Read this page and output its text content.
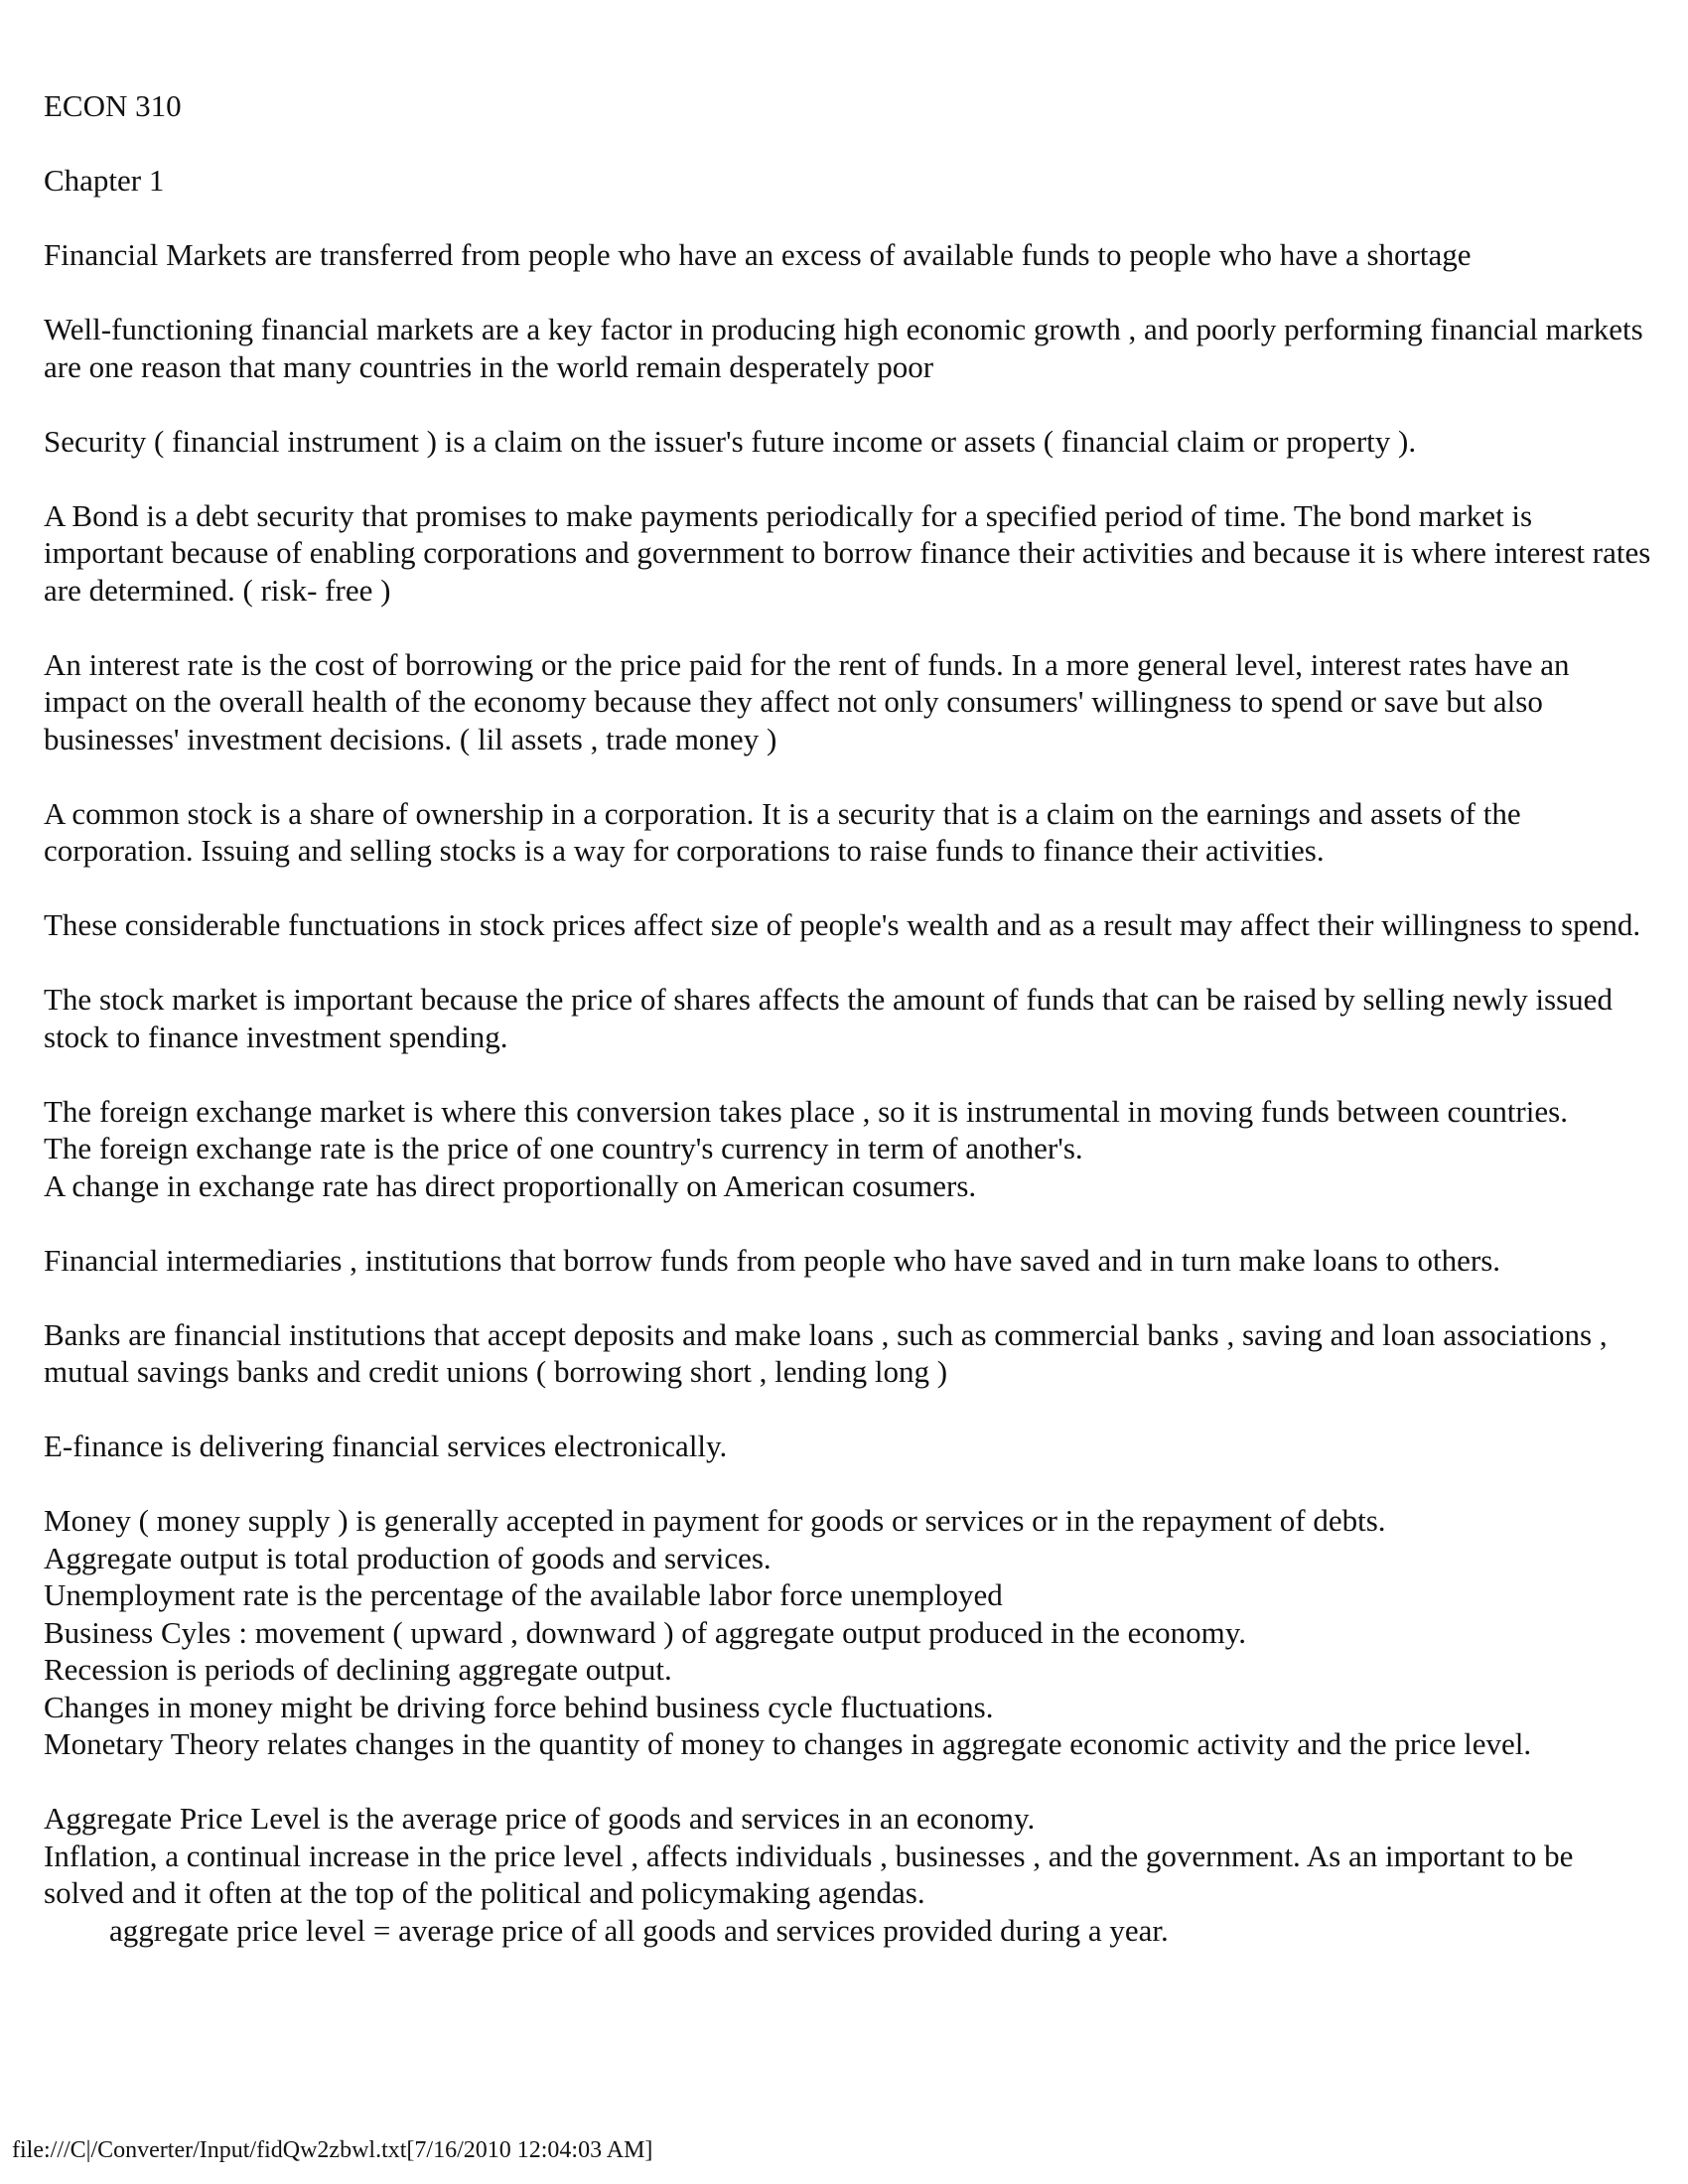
ECON 310

Chapter 1

Financial Markets are transferred from people who have an excess of available funds to people who have a shortage

Well-functioning financial markets are a key factor in producing high economic growth , and poorly performing financial markets are one reason that many countries in the world remain desperately poor

Security ( financial instrument ) is a claim on the issuer's future income or assets ( financial claim or property ).

A Bond is a debt security that promises to make payments periodically for a specified period of time. The bond market is important because of enabling corporations and government to borrow finance their activities and because it is where interest rates are determined. ( risk- free )

An interest rate is the cost of borrowing or the price paid for the rent of funds. In a more general level, interest rates have an impact on the overall health of the economy because they affect not only consumers' willingness to spend or save but also businesses' investment decisions. ( lil assets , trade money )

A common stock is a share of ownership in a corporation. It is a security that is a claim on the earnings and assets of the corporation. Issuing and selling stocks is a way for corporations to raise funds to finance their activities.

These considerable functuations in stock prices affect size of people's wealth and as a result may affect their willingness to spend.

The stock market is important because the price of shares affects the amount of funds that can be raised by selling newly issued stock to finance investment spending.

The foreign exchange market is where this conversion takes place , so it is instrumental in moving funds between countries.
The foreign exchange rate is the price of one country's currency in term of another's.
A change in exchange rate has direct proportionally on American cosumers.

Financial intermediaries , institutions that borrow funds from people who have saved and in turn make loans to others.

Banks are financial institutions that accept deposits and make loans , such as commercial banks , saving and loan associations , mutual savings banks and credit unions ( borrowing short , lending long )

E-finance is delivering financial services electronically.

Money ( money supply ) is generally accepted in payment for goods or services or in the repayment of debts.
Aggregate output is total production of goods and services.
Unemployment rate is the percentage of the available labor force unemployed
Business Cyles : movement ( upward , downward ) of aggregate output produced in the economy.
Recession is periods of declining aggregate output.
Changes in money might be driving force behind business cycle fluctuations.
Monetary Theory relates changes in the quantity of money to changes in aggregate economic activity and the price level.

Aggregate Price Level is the average price of goods and services in an economy.
Inflation, a continual increase in the price level , affects individuals , businesses , and the government. As an important to be solved and it often at the top of the political and policymaking agendas.
aggregate price level = average price of all goods and services provided during a year.

file:///C|/Converter/Input/fidQw2zbwl.txt[7/16/2010 12:04:03 AM]
